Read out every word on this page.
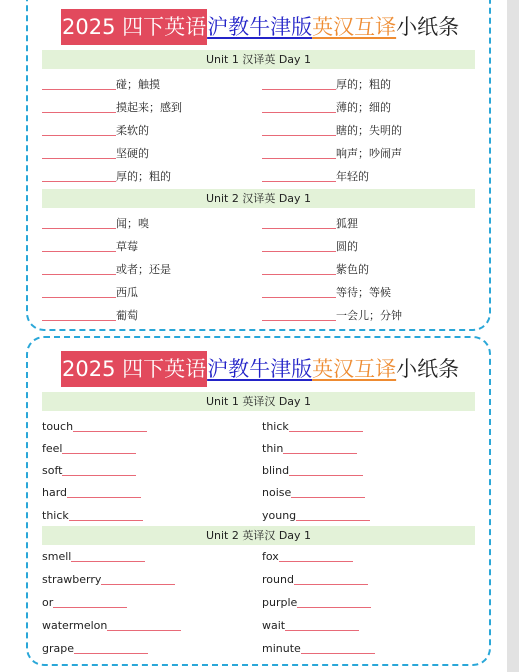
2025 四下英语 沪教牛津版 英汉互译 小纸条
Unit 1 汉译英 Day 1
碰；触摸
摸起来；感到
柔软的
坚硬的
厚的；粗的
厚的；粗的
薄的；细的
瞎的；失明的
响声；吵闹声
年轻的
Unit 2 汉译英 Day 1
闻；嗅
草莓
或者；还是
西瓜
葡萄
狐狸
圆的
紫色的
等待；等候
一会儿；分钟
2025 四下英语 沪教牛津版 英汉互译 小纸条
Unit 1 英译汉 Day 1
touch
feel
soft
hard
thick
thick
thin
blind
noise
young
Unit 2 英译汉 Day 1
smell
strawberry
or
watermelon
grape
fox
round
purple
wait
minute
